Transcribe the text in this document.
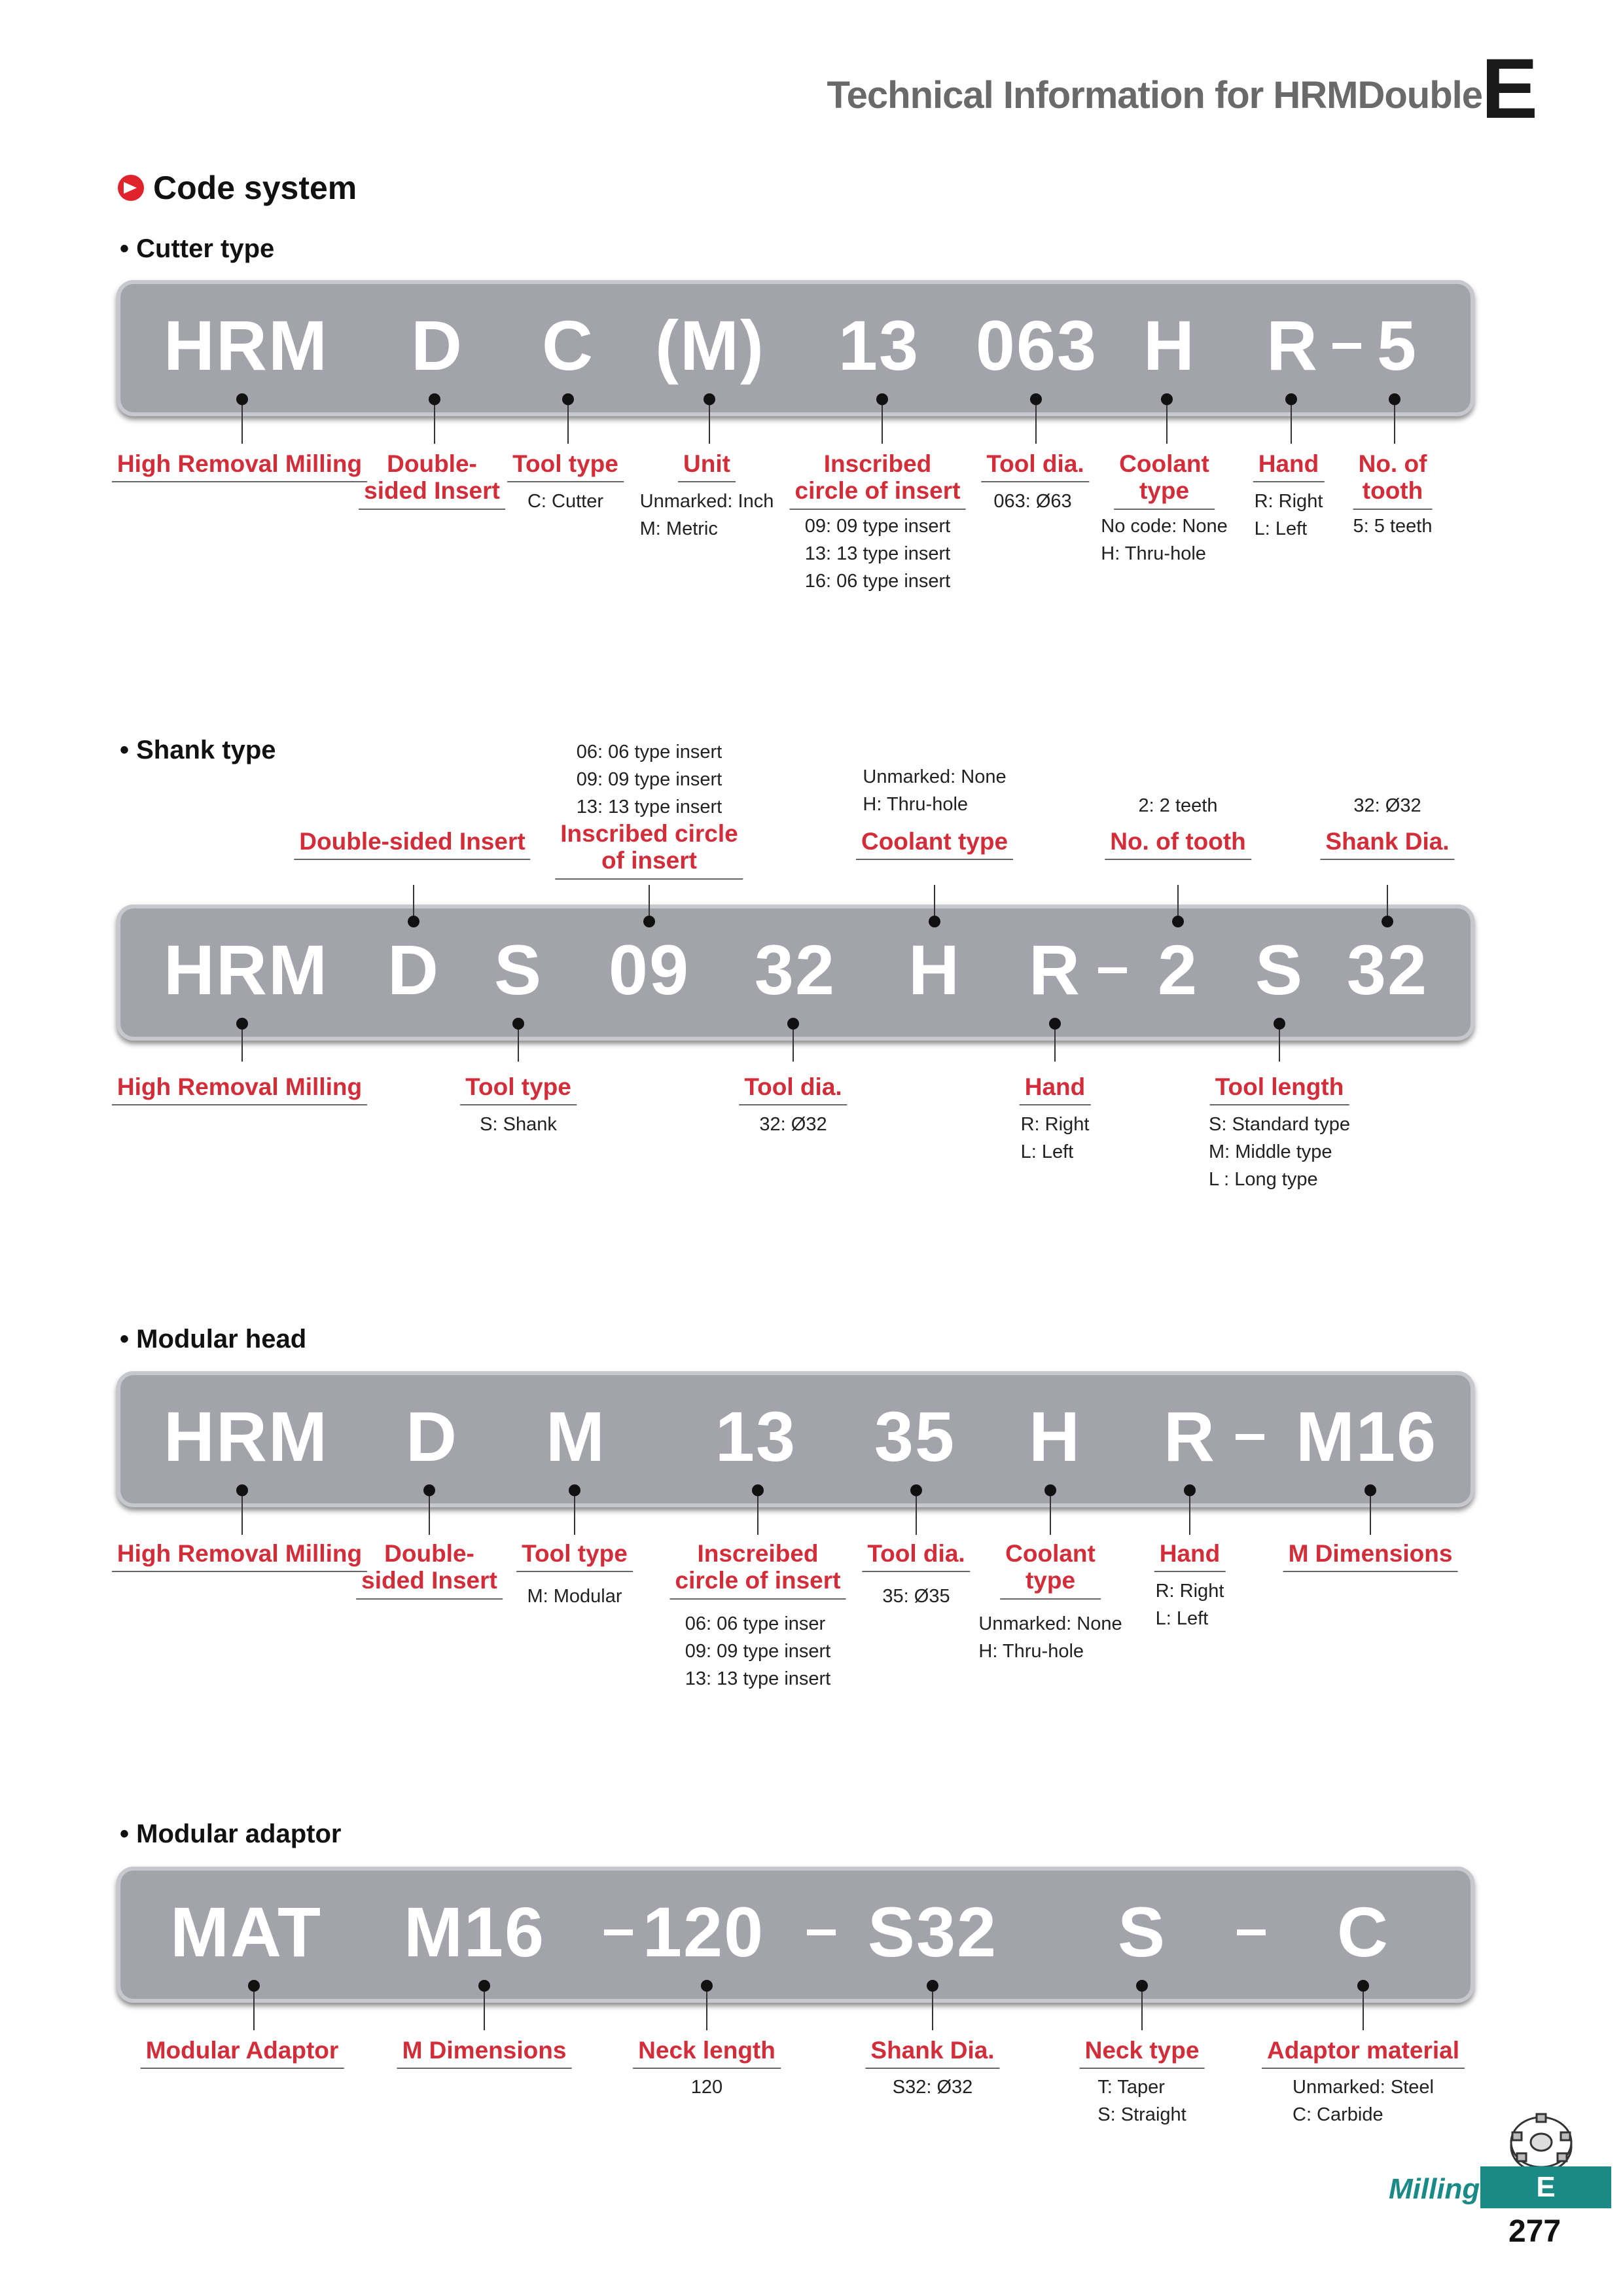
Technical Information for HRMDouble
E
Code system
• Cutter type
HRM D C (M) 13 063 H R 5
High Removal Milling	Double-
sided Insert
Tool type	Unit	Inscribed
circle of insert
Tool dia. Coolant
type
Hand No. of
tooth
C: Cutter Unmarked: Inch
M: Metric	09: 09 type insert
13: 13 type insert
16: 06 type insert
063: Ø63
No code: None
H: Thru-hole
R: Right
L: Left	5: 5 teeth
• Shank type
HRM D S 09 32 H R 2 S 32
Double-sided Insert Inscribed circle
of insert
Coolant type	No. of tooth	Shank Dia.
06: 06 type insert
09: 09 type insert
13: 13 type insert
Unmarked: None
H: Thru-hole	2: 2 teeth	32: Ø32
High Removal Milling	Tool type	Tool dia.	Hand	Tool length
S: Shank	32: Ø32	R: Right
L: Left
S: Standard type
M: Middle type
L : Long type
• Modular head
HRM D M 13 35 H R M16
High Removal Milling Double-
sided Insert
Tool type	Inscreibed
circle of insert
Tool dia. Coolant
type
Hand	M Dimensions
M: Modular
06: 06 type inser
09: 09 type insert
13: 13 type insert
35: Ø35
Unmarked: None
H: Thru-hole
R: Right
L: Left
• Modular adaptor
MAT M16 120 S32 S C
Modular Adaptor	M Dimensions	Neck length	Shank Dia.	Neck type	Adaptor material
120	S32: Ø32	T: Taper
S: Straight
Unmarked: Steel
C: Carbide
Milling	E
277
